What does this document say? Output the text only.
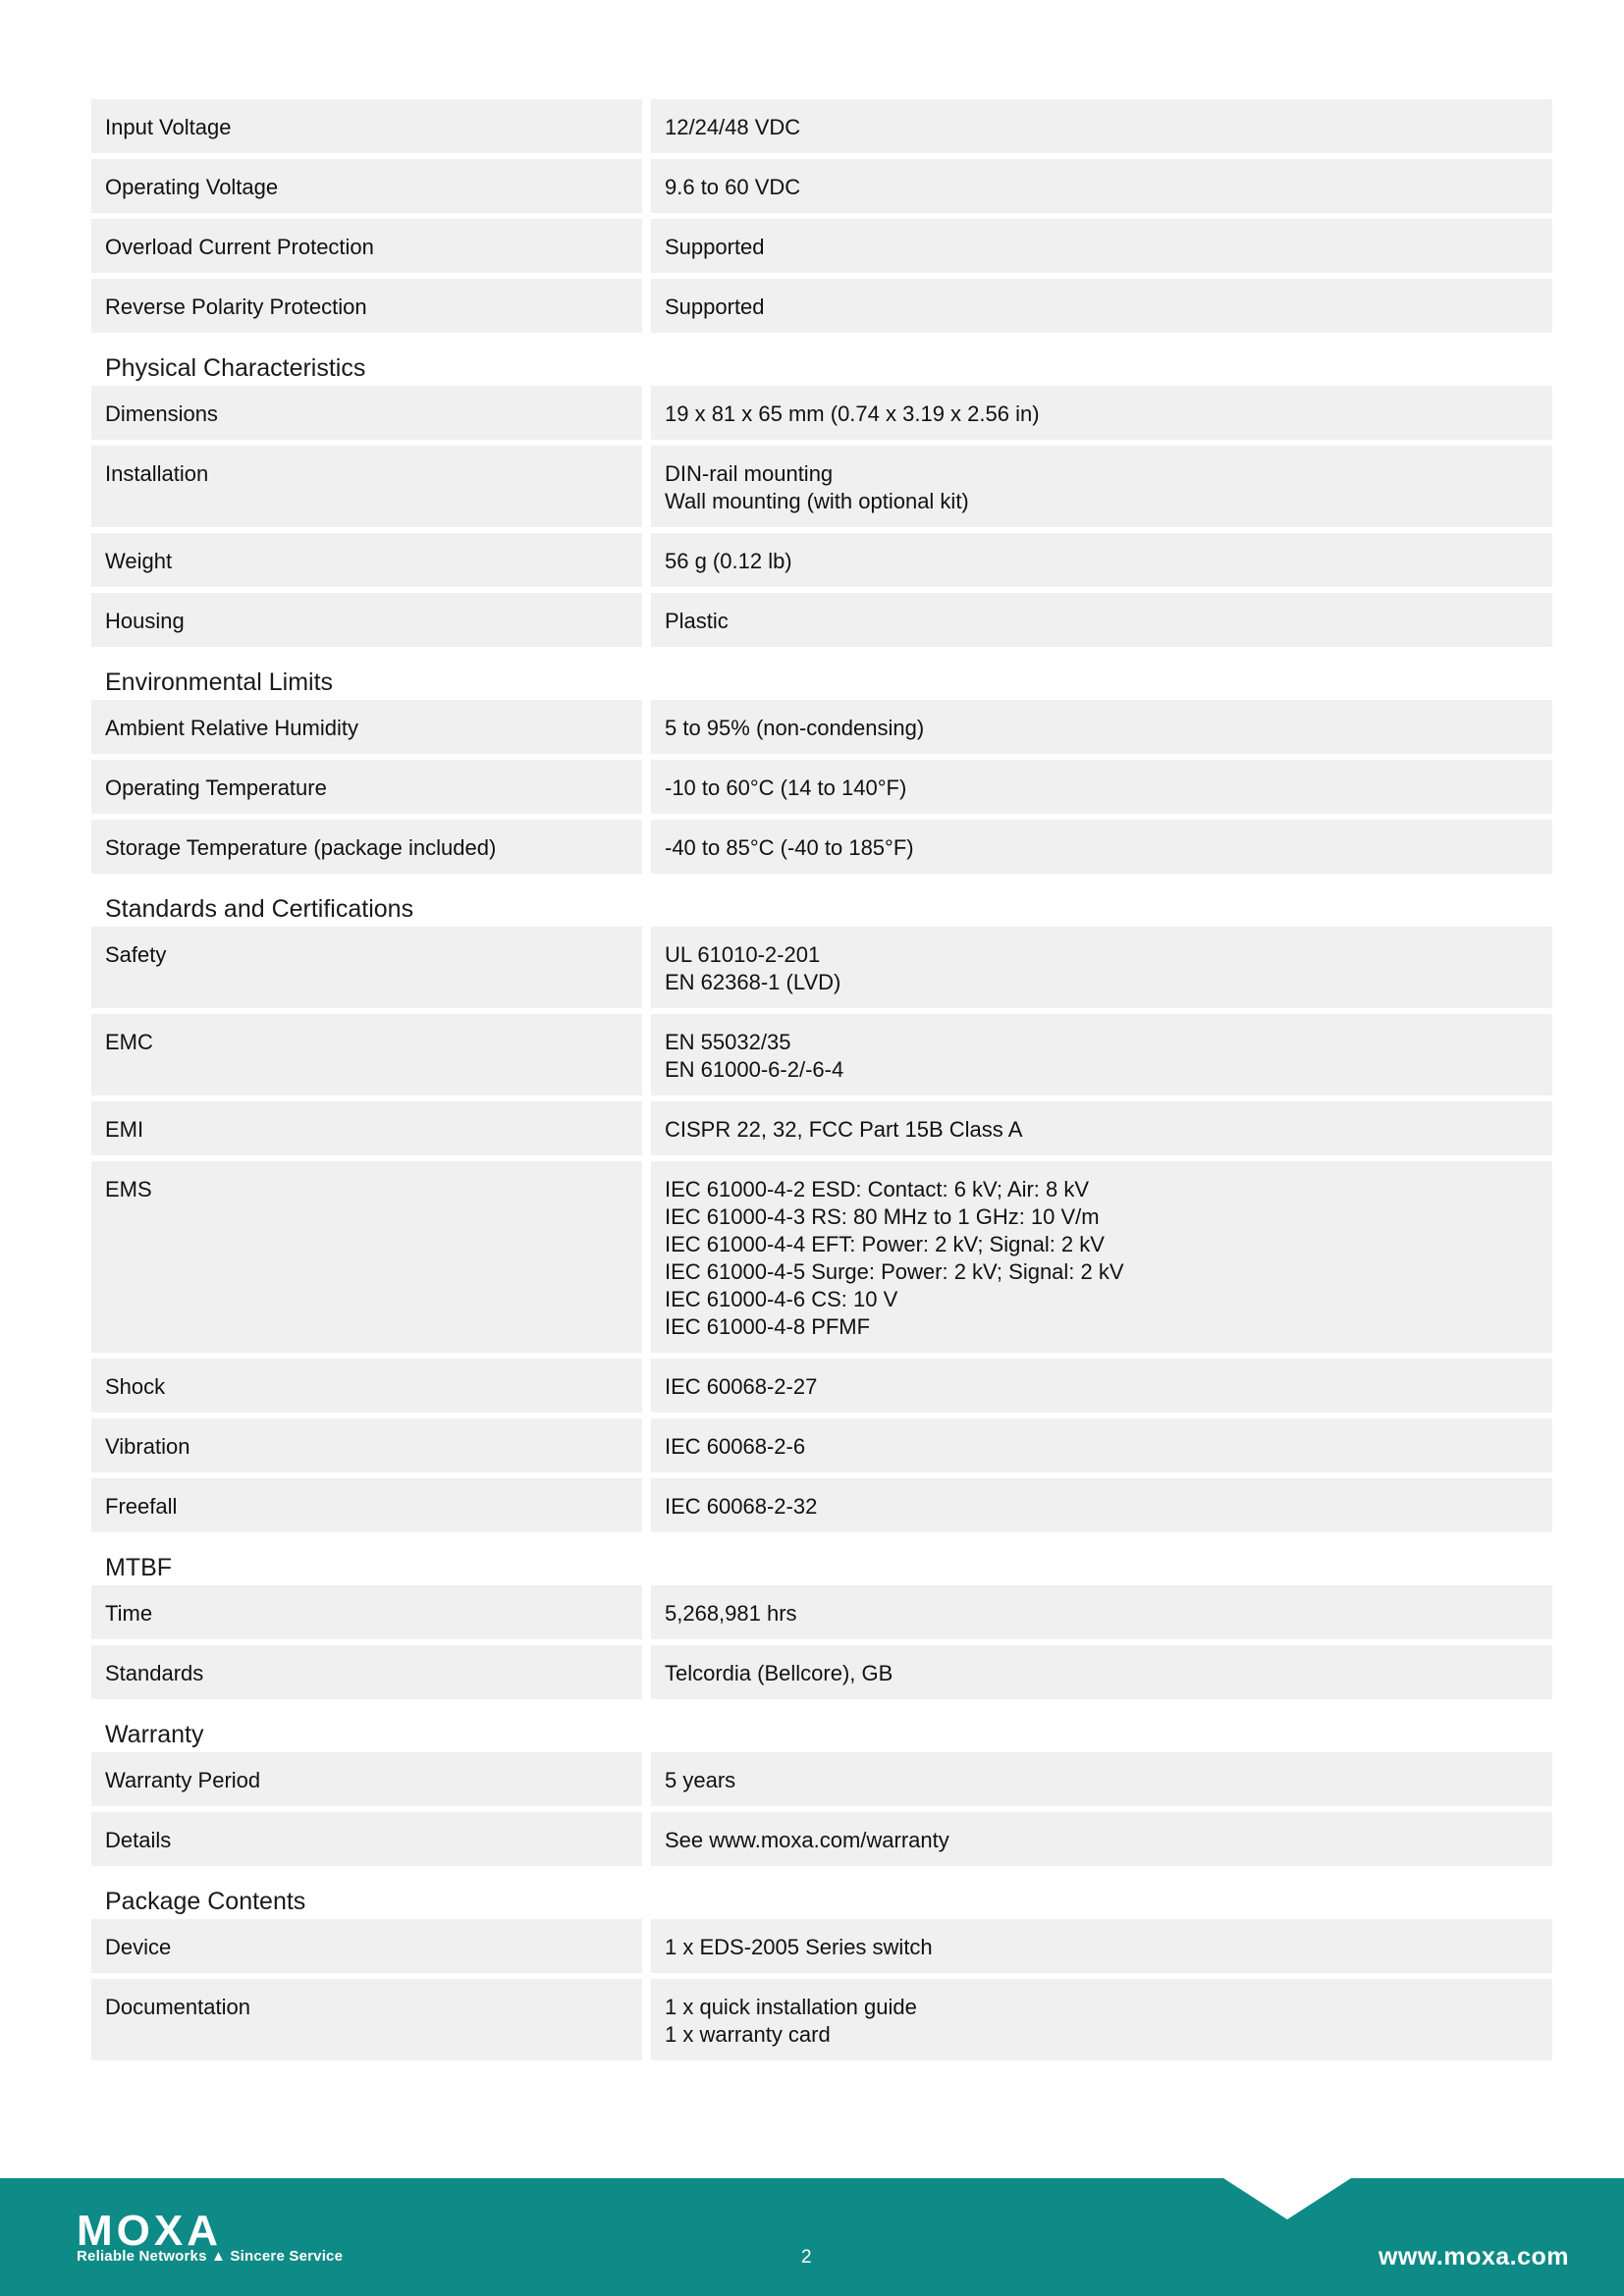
Input Voltage	12/24/48 VDC
Operating Voltage	9.6 to 60 VDC
Overload Current Protection	Supported
Reverse Polarity Protection	Supported
Physical Characteristics
Dimensions	19 x 81 x 65 mm (0.74 x 3.19 x 2.56 in)
Installation	DIN-rail mounting
Wall mounting (with optional kit)
Weight	56 g (0.12 lb)
Housing	Plastic
Environmental Limits
Ambient Relative Humidity	5 to 95% (non-condensing)
Operating Temperature	-10 to 60°C (14 to 140°F)
Storage Temperature (package included)	-40 to 85°C (-40 to 185°F)
Standards and Certifications
Safety	UL 61010-2-201
EN 62368-1 (LVD)
EMC	EN 55032/35
EN 61000-6-2/-6-4
EMI	CISPR 22, 32, FCC Part 15B Class A
EMS	IEC 61000-4-2 ESD: Contact: 6 kV; Air: 8 kV
IEC 61000-4-3 RS: 80 MHz to 1 GHz: 10 V/m
IEC 61000-4-4 EFT: Power: 2 kV; Signal: 2 kV
IEC 61000-4-5 Surge: Power: 2 kV; Signal: 2 kV
IEC 61000-4-6 CS: 10 V
IEC 61000-4-8 PFMF
Shock	IEC 60068-2-27
Vibration	IEC 60068-2-6
Freefall	IEC 60068-2-32
MTBF
Time	5,268,981 hrs
Standards	Telcordia (Bellcore), GB
Warranty
Warranty Period	5 years
Details	See www.moxa.com/warranty
Package Contents
Device	1 x EDS-2005 Series switch
Documentation	1 x quick installation guide
1 x warranty card
MOXA
Reliable Networks ▲ Sincere Service	2	www.moxa.com
